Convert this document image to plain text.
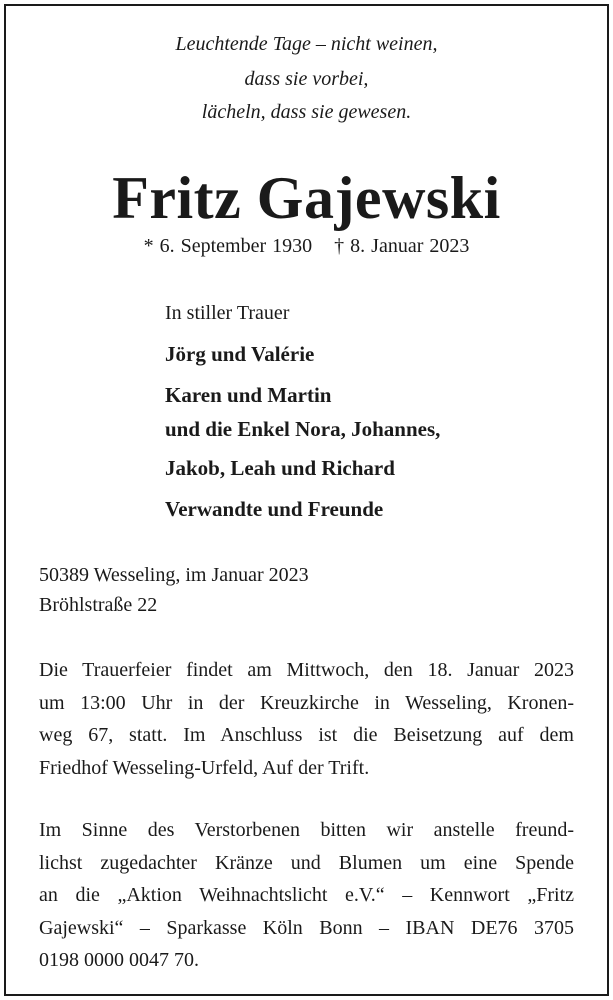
Leuchtende Tage – nicht weinen,

dass sie vorbei,

lächeln, dass sie gewesen.

Fritz Gajewski

* 6. September 1930 † 8. Januar 2023

In stiller Trauer

Jörg und Valérie

Karen und Martin

und die Enkel Nora, Johannes,

Jakob, Leah und Richard

Verwandte und Freunde

50389 Wesseling, im Januar 2023

Bröhlstraße 22

Die Trauerfeier findet am Mittwoch, den 18. Januar 2023
um 13:00 Uhr in der Kreuzkirche in Wesseling, Kronen-
weg 67, statt. Im Anschluss ist die Beisetzung auf dem
Friedhof Wesseling-Urfeld, Auf der Trift.
Im Sinne des Verstorbenen bitten wir anstelle freund-
lichst zugedachter Kränze und Blumen um eine Spende
an die „Aktion Weihnachtslicht e.V.“ – Kennwort „Fritz
Gajewski“ – Sparkasse Köln Bonn – IBAN DE76 3705
0198 0000 0047 70.
